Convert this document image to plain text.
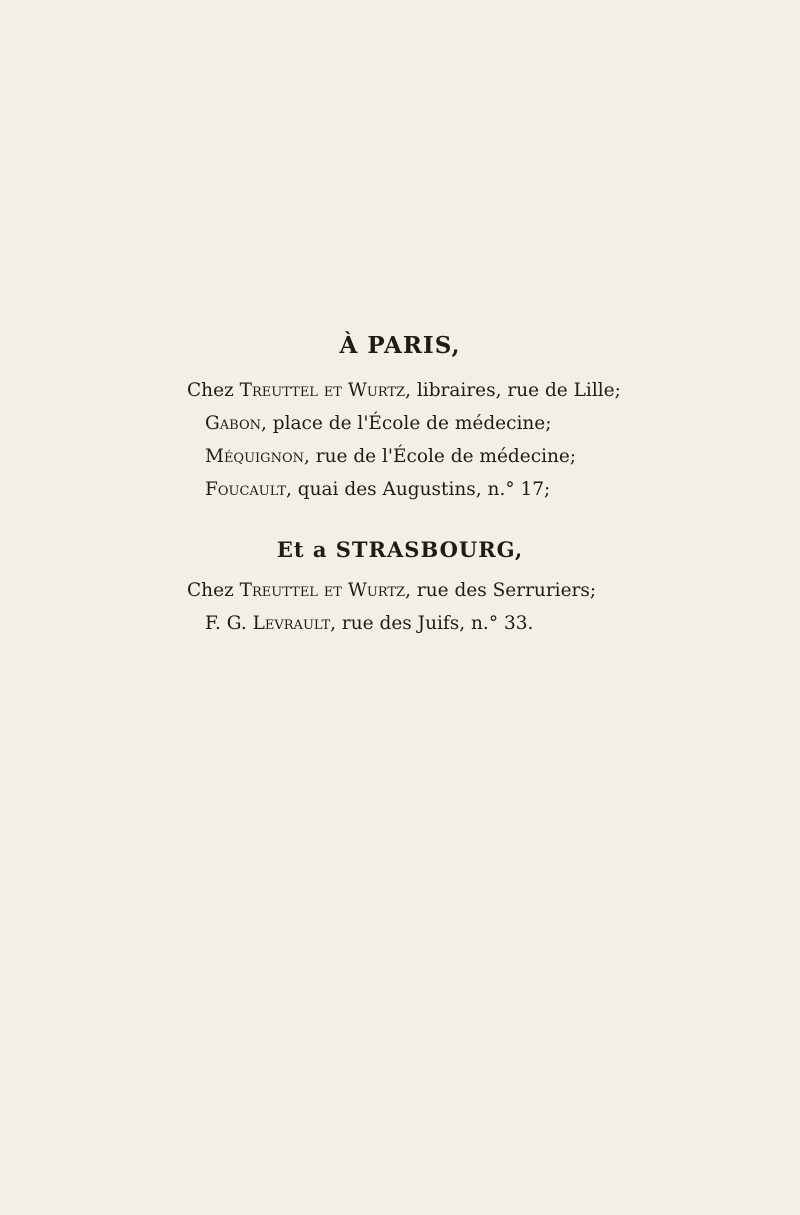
À PARIS,
Chez Treuttel et Wurtz, libraires, rue de Lille;
Gabon, place de l'École de médecine;
Méquignon, rue de l'École de médecine;
Foucault, quai des Augustins, n.° 17;
Et a STRASBOURG,
Chez Treuttel et Wurtz, rue des Serruriers;
F. G. Levrault, rue des Juifs, n.° 33.
